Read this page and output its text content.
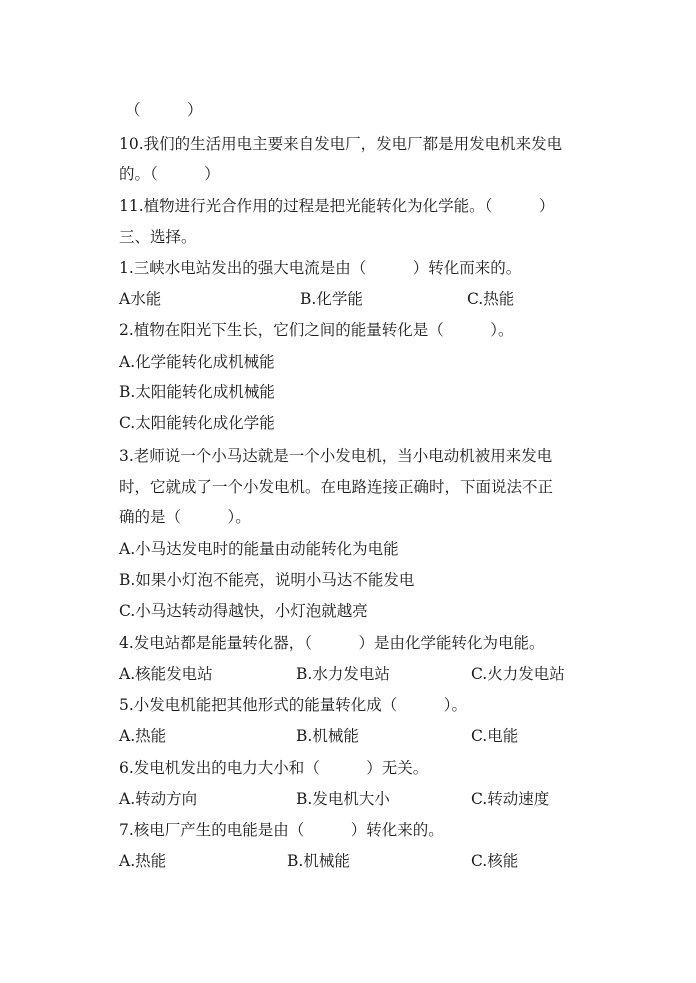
（　　　）
10.我们的生活用电主要来自发电厂，发电厂都是用发电机来发电
的。（　　　）
11.植物进行光合作用的过程是把光能转化为化学能。（　　　）
三、选择。
1.三峡水电站发出的强大电流是由（　　　）转化而来的。
A水能	B.化学能	C.热能
2.植物在阳光下生长，它们之间的能量转化是（　　　）。
A.化学能转化成机械能
B.太阳能转化成机械能
C.太阳能转化成化学能
3.老师说一个小马达就是一个小发电机，当小电动机被用来发电
时，它就成了一个小发电机。在电路连接正确时，下面说法不正
确的是（　　　）。
A.小马达发电时的能量由动能转化为电能
B.如果小灯泡不能亮，说明小马达不能发电
C.小马达转动得越快，小灯泡就越亮
4.发电站都是能量转化器，（　　　）是由化学能转化为电能。
A.核能发电站	B.水力发电站	C.火力发电站
5.小发电机能把其他形式的能量转化成（　　　）。
A.热能	B.机械能	C.电能
6.发电机发出的电力大小和（　　　）无关。
A.转动方向	B.发电机大小	C.转动速度
7.核电厂产生的电能是由（　　　）转化来的。
A.热能	B.机械能	C.核能
